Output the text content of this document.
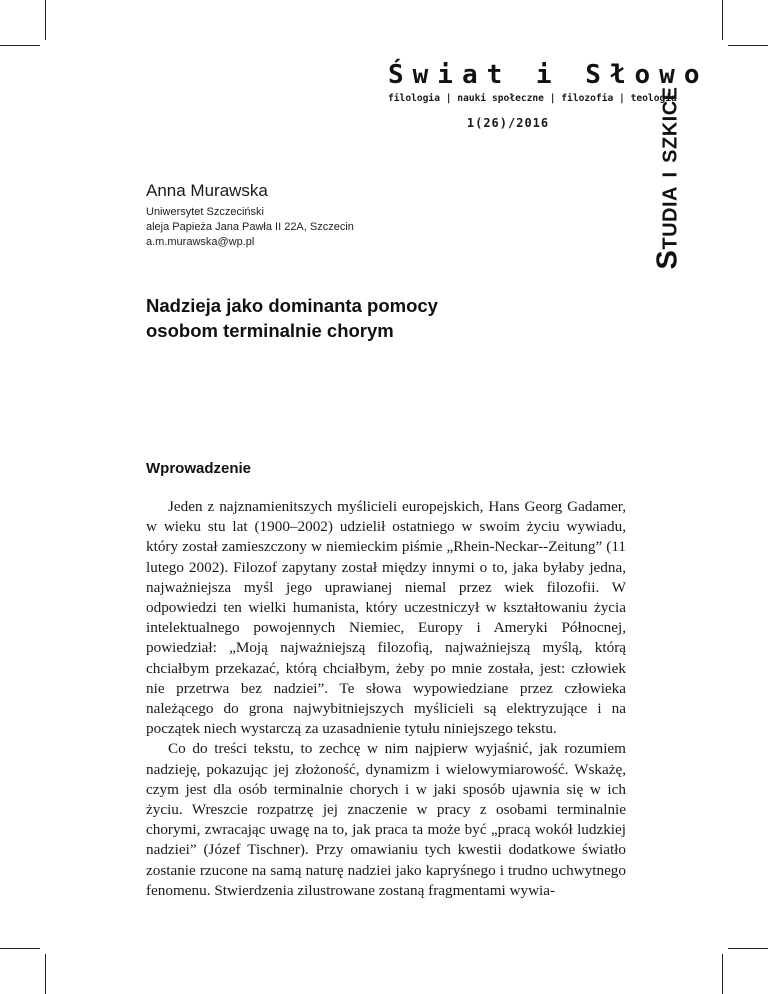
Świat i Słowo
filologia | nauki społeczne | filozofia | teologia
1(26)/2016	Studia i szkice
Anna Murawska
Uniwersytet Szczeciński
aleja Papieża Jana Pawła II 22A, Szczecin
a.m.murawska@wp.pl
Nadzieja jako dominanta pomocy
osobom terminalnie chorym
Wprowadzenie

Jeden z najznamienitszych myślicieli europejskich, Hans Georg Gadamer, w wieku stu lat (1900–2002) udzielił ostatniego w swoim życiu wywiadu, który został zamieszczony w niemieckim piśmie „Rhein-Neckar--Zeitung” (11 lutego 2002). Filozof zapytany został między innymi o to, jaka byłaby jedna, najważniejsza myśl jego uprawianej niemal przez wiek filozofii. W odpowiedzi ten wielki humanista, który uczestniczył w kształtowaniu życia intelektualnego powojennych Niemiec, Europy i Ameryki Północnej, powiedział: „Moją najważniejszą filozofią, najważniejszą myślą, którą chciałbym przekazać, którą chciałbym, żeby po mnie została, jest: człowiek nie przetrwa bez nadziei”. Te słowa wypowiedziane przez człowieka należącego do grona najwybitniejszych myślicieli są elektryzujące i na początek niech wystarczą za uzasadnienie tytułu niniejszego tekstu.

Co do treści tekstu, to zechcę w nim najpierw wyjaśnić, jak rozumiem nadzieję, pokazując jej złożoność, dynamizm i wielowymiarowość. Wskażę, czym jest dla osób terminalnie chorych i w jaki sposób ujawnia się w ich życiu. Wreszcie rozpatrzę jej znaczenie w pracy z osobami terminalnie chorymi, zwracając uwagę na to, jak praca ta może być „pracą wokół ludzkiej nadziei” (Józef Tischner). Przy omawianiu tych kwestii dodatkowe światło zostanie rzucone na samą naturę nadziei jako kapryśnego i trudno uchwytnego fenomenu. Stwierdzenia zilustrowane zostaną fragmentami wywia-
